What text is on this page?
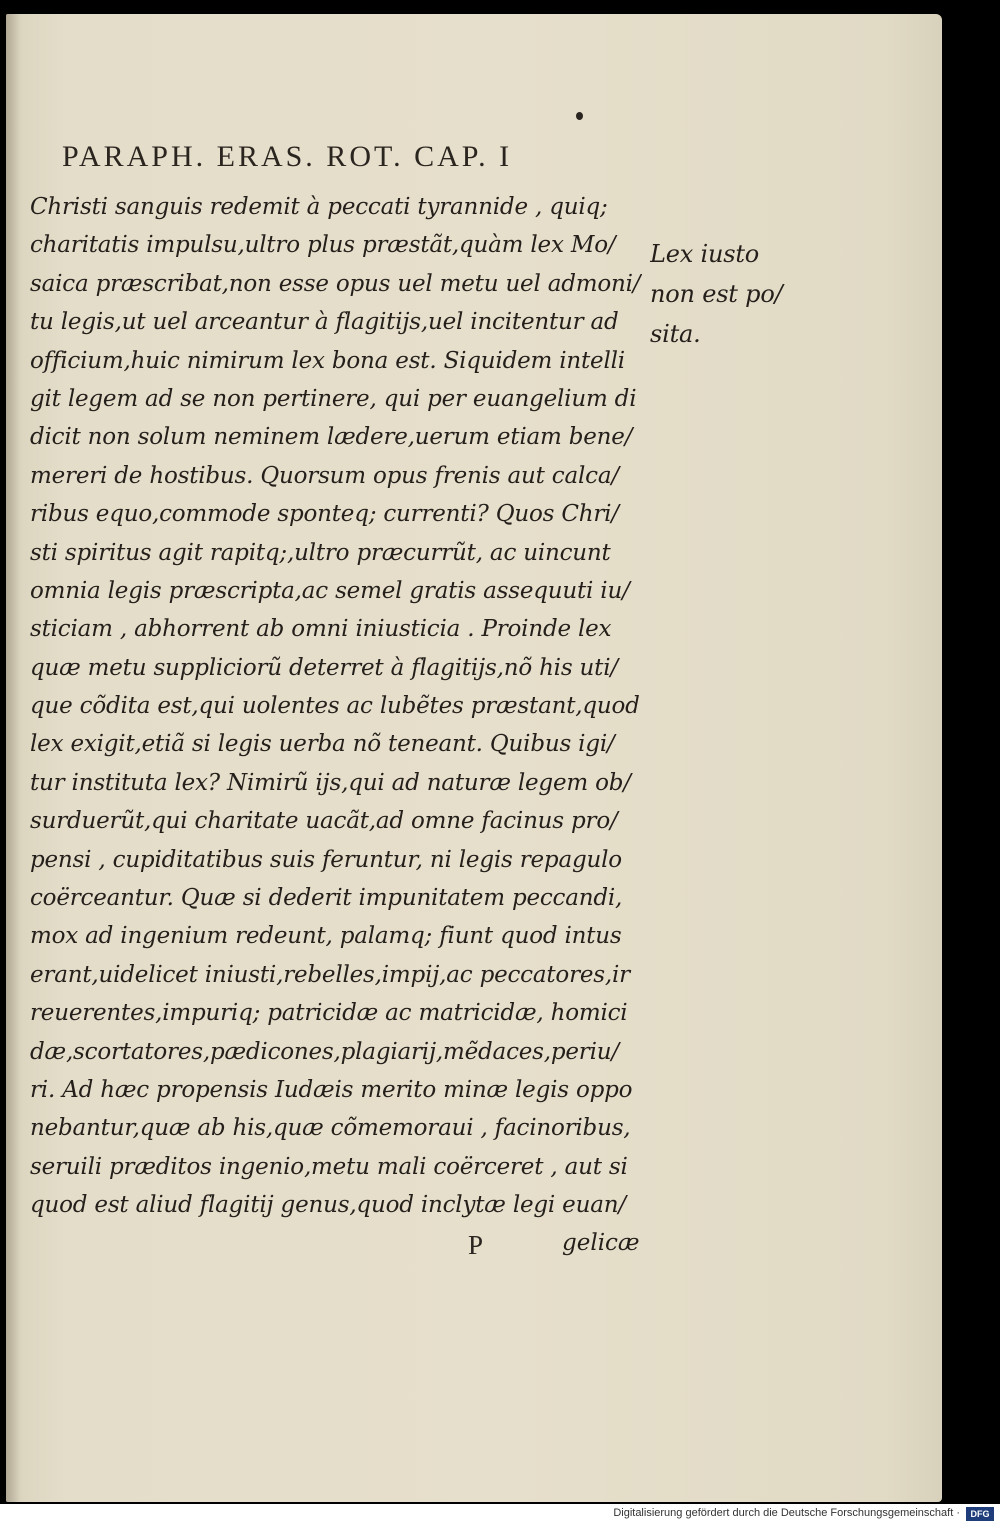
PARAPH. ERAS. ROT. CAP. I
Christi sanguis redemit à peccati tyrannide , quiq;
charitatis impulsu,ultro plus præstãt,quàm lex Mo/
saica præscribat,non esse opus uel metu uel admoni/
tu legis,ut uel arceantur à flagitijs,uel incitentur ad
officium,huic nimirum lex bona est. Siquidem intelli
git legem ad se non pertinere, qui per euangelium di
dicit non solum neminem lædere,uerum etiam bene/
mereri de hostibus. Quorsum opus frenis aut calca/
ribus equo,commode sponteq; currenti? Quos Chri/
sti spiritus agit rapitq;,ultro præcurrũt, ac uincunt
omnia legis præscripta,ac semel gratis assequuti iu/
sticiam , abhorrent ab omni iniusticia . Proinde lex
quæ metu suppliciorũ deterret à flagitijs,nõ his uti/
que cõdita est,qui uolentes ac lubẽtes præstant,quod
lex exigit,etiã si legis uerba nõ teneant. Quibus igi/
tur instituta lex? Nimirũ ijs,qui ad naturæ legem ob/
surduerũt,qui charitate uacãt,ad omne facinus pro/
pensi , cupiditatibus suis feruntur, ni legis repagulo
coërceantur. Quæ si dederit impunitatem peccandi,
mox ad ingenium redeunt, palamq; fiunt quod intus
erant,uidelicet iniusti,rebelles,impij,ac peccatores,ir
reuerentes,impuriq; patricidæ ac matricidæ, homici
dæ,scortatores,pædicones,plagiarij,mẽdaces,periu/
ri. Ad hæc propensis Iudæis merito minæ legis oppo
nebantur,quæ ab his,quæ cõmemoraui , facinoribus,
seruili præditos ingenio,metu mali coërceret , aut si
quod est aliud flagitij genus,quod inclytæ legi euan/
Lex iusto
non est po/
sita.
P	gelicæ
Digitalisierung gefördert durch die Deutsche Forschungsgemeinschaft ·	DFG
